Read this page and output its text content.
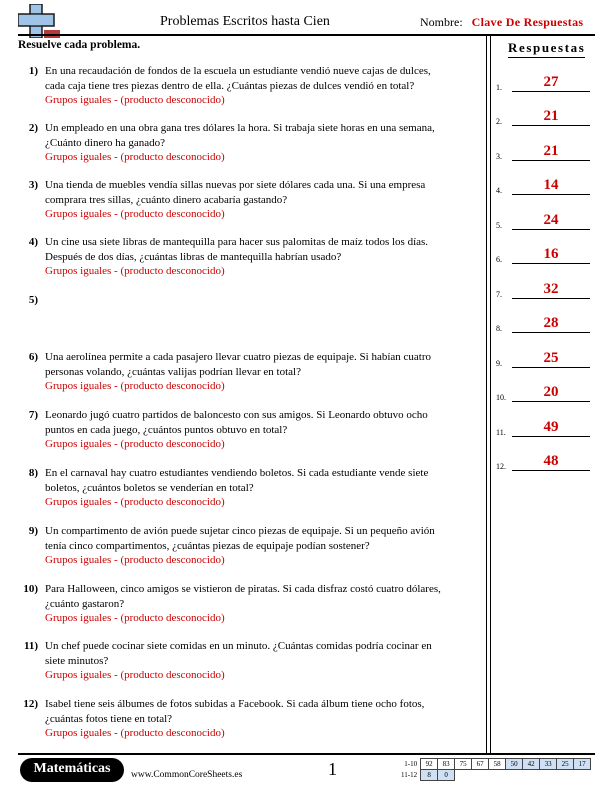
Problemas Escritos hasta Cien	Nombre: Clave De Respuestas
Resuelve cada problema.	Respuestas
1) En una recaudación de fondos de la escuela un estudiante vendió nueve cajas de dulces,
cada caja tiene tres piezas dentro de ella. ¿Cuántas piezas de dulces vendió en total?
Grupos iguales - (producto desconocido)
2) Un empleado en una obra gana tres dólares la hora. Si trabaja siete horas en una semana,
¿Cuánto dinero ha ganado?
Grupos iguales - (producto desconocido)
3) Una tienda de muebles vendía sillas nuevas por siete dólares cada una. Si una empresa
comprara tres sillas, ¿cuánto dinero acabaría gastando?
Grupos iguales - (producto desconocido)
4) Un cine usa siete libras de mantequilla para hacer sus palomitas de maíz todos los días.
Después de dos días, ¿cuántas libras de mantequilla habrían usado?
Grupos iguales - (producto desconocido)
5)
6) Una aerolínea permite a cada pasajero llevar cuatro piezas de equipaje. Si habían cuatro
personas volando, ¿cuántas valijas podrían llevar en total?
Grupos iguales - (producto desconocido)
7) Leonardo jugó cuatro partidos de baloncesto con sus amigos. Si Leonardo obtuvo ocho
puntos en cada juego, ¿cuántos puntos obtuvo en total?
Grupos iguales - (producto desconocido)
8) En el carnaval hay cuatro estudiantes vendiendo boletos. Si cada estudiante vende siete
boletos, ¿cuántos boletos se venderían en total?
Grupos iguales - (producto desconocido)
9) Un compartimento de avión puede sujetar cinco piezas de equipaje. Si un pequeño avión
tenía cinco compartimentos, ¿cuántas piezas de equipaje podían sostener?
Grupos iguales - (producto desconocido)
10) Para Halloween, cinco amigos se vistieron de piratas. Si cada disfraz costó cuatro dólares,
¿cuánto gastaron?
Grupos iguales - (producto desconocido)
11) Un chef puede cocinar siete comidas en un minuto. ¿Cuántas comidas podría cocinar en
siete minutos?
Grupos iguales - (producto desconocido)
12) Isabel tiene seis álbumes de fotos subidas a Facebook. Si cada álbum tiene ocho fotos,
¿cuántas fotos tiene en total?
Grupos iguales - (producto desconocido)
1.	27
2.	21
3.	21
4.	14
5.	24
6.	16
7.	32
8.	28
9.	25
10.	20
11.	49
12.	48
Matemáticas	www.CommonCoreSheets.es	1	1-10	92	83	75	67	58	50	42	33	25	17
11-12	8	0								
